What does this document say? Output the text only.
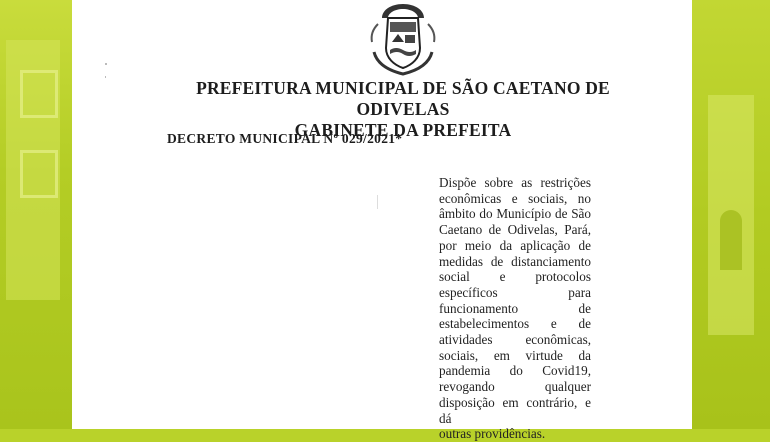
PREFEITURA MUNICIPAL DE SÃO CAETANO DE ODIVELAS
GABINETE DA PREFEITA
DECRETO MUNICIPAL Nº 029/2021*
Dispõe sobre as restrições
econômicas e sociais, no
âmbito do Município de São
Caetano de Odivelas, Pará,
por meio da aplicação de
medidas de distanciamento
social e protocolos
específicos para
funcionamento de
estabelecimentos e de
atividades econômicas,
sociais, em virtude da
pandemia do Covid19,
revogando qualquer
disposição em contrário, e dá
outras providências.
